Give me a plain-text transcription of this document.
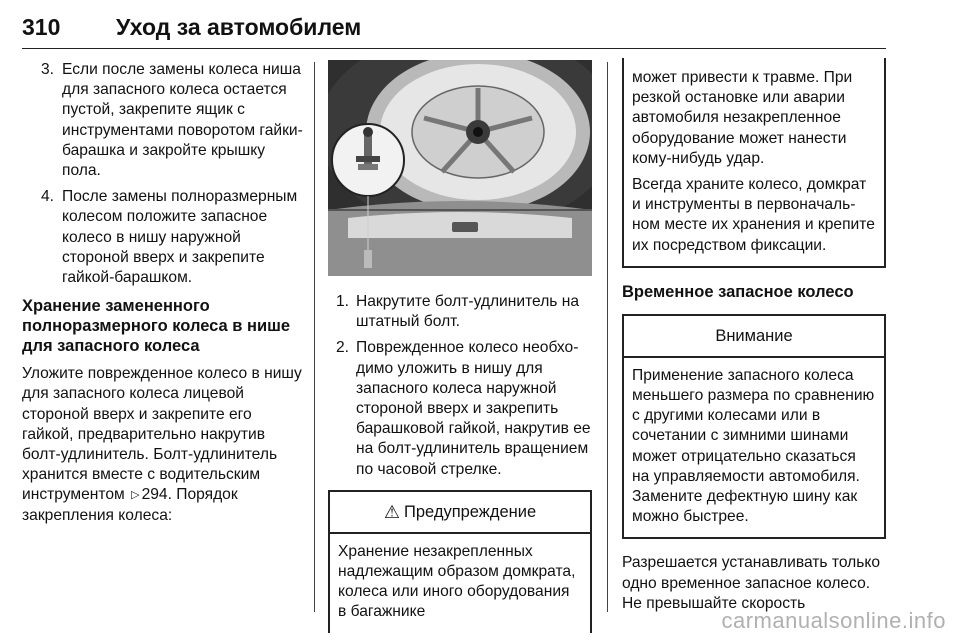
310 Уход за автомобилем
3. Если после замены колеса ниша для запасного колеса остается пустой, закрепите ящик с инструментами поворотом гайки-барашка и закройте крышку пола.
4. После замены полноразмерным колесом положите запасное колесо в нишу наружной стороной вверх и закрепите гайкой-барашком.
Хранение замененного полноразмерного колеса в нише для запасного колеса

Уложите поврежденное колесо в нишу для запасного колеса лицевой стороной вверх и закрепите его гайкой, предварительно накрутив болт-удлинитель. Болт-удлинитель хранится вместе с водительским инструментом ▷ 294. Порядок закрепления колеса:

1. Накрутите болт-удлинитель на штатный болт.
2. Поврежденное колесо необходимо уложить в нишу для запасного колеса наружной стороной вверх и закрепить барашковой гайкой, накрутив ее на болт-удлинитель вращением по часовой стрелке.
⚠ Предупреждение

Хранение незакрепленных надлежащим образом домкрата, колеса или иного оборудования в багажнике

может привести к травме. При резкой остановке или аварии автомобиля незакрепленное оборудование может нанести кому-нибудь удар.

Всегда храните колесо, домкрат и инструменты в первоначальном месте их хранения и крепите их посредством фиксации.

Временное запасное колесо
Внимание

Применение запасного колеса меньшего размера по сравнению с другими колесами или в сочетании с зимними шинами может отрицательно сказаться на управляемости автомобиля. Замените дефектную шину как можно быстрее.

Разрешается устанавливать только одно временное запасное колесо. Не превышайте скорость

carmanualsonline.info
